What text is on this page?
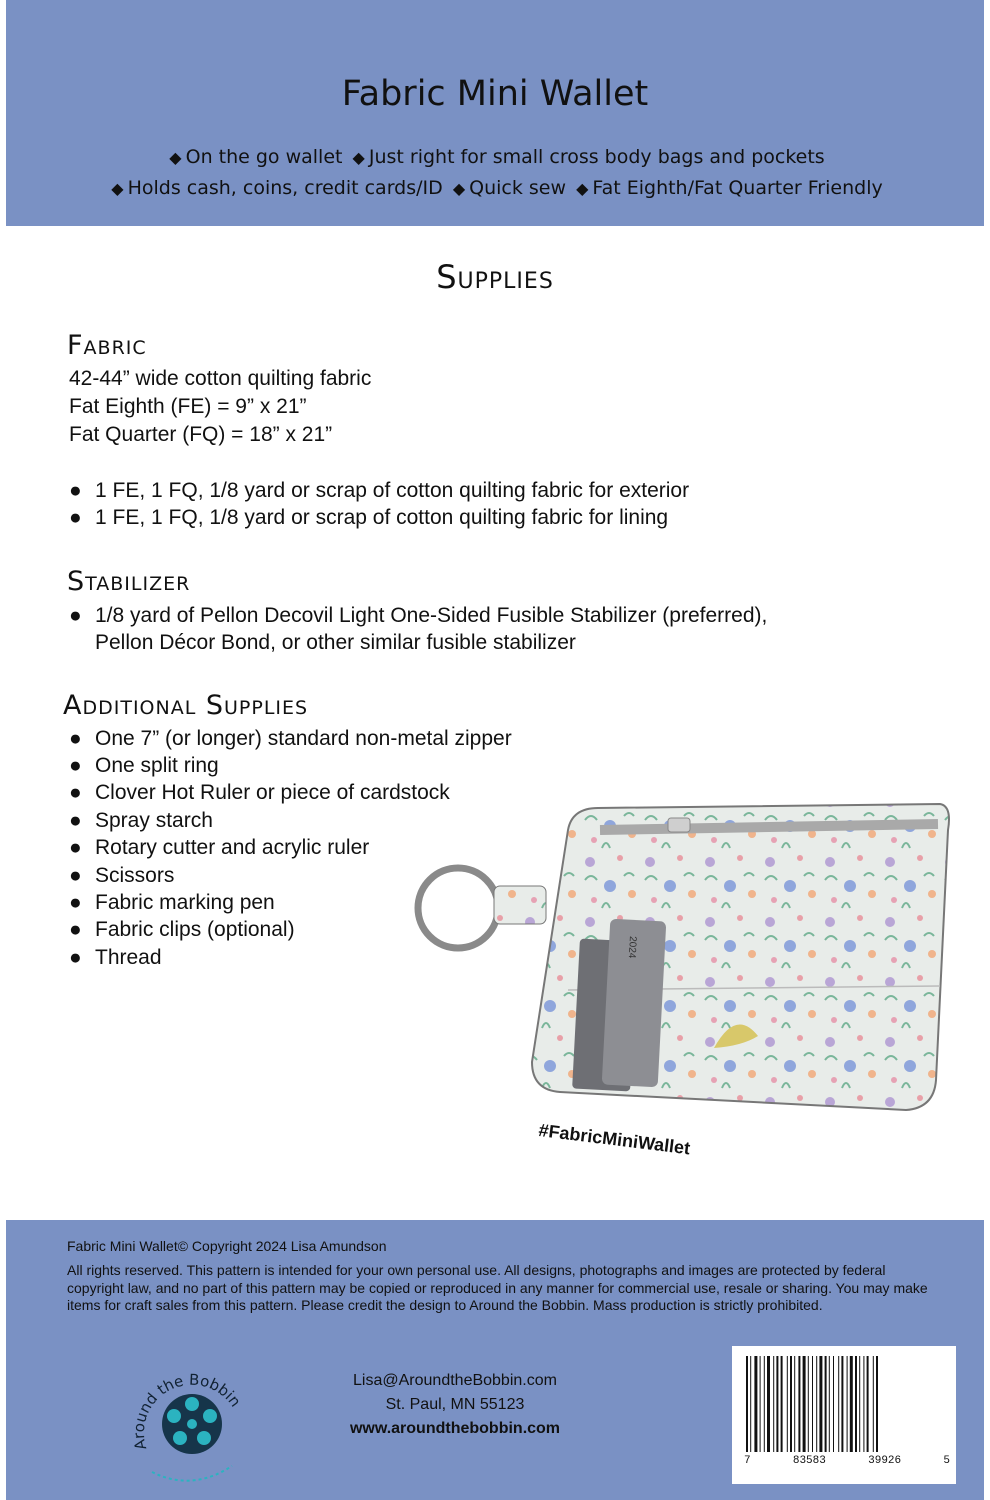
Fabric Mini Wallet
◆ On the go wallet ◆ Just right for small cross body bags and pockets
◆ Holds cash, coins, credit cards/ID ◆ Quick sew ◆ Fat Eighth/Fat Quarter Friendly
Supplies
Fabric
42-44” wide cotton quilting fabric
Fat Eighth (FE) = 9” x 21”
Fat Quarter (FQ) = 18” x 21”
● 1 FE, 1 FQ, 1/8 yard or scrap of cotton quilting fabric for exterior
● 1 FE, 1 FQ, 1/8 yard or scrap of cotton quilting fabric for lining
Stabilizer
● 1/8 yard of Pellon Decovil Light One-Sided Fusible Stabilizer (preferred),
Pellon Décor Bond, or other similar fusible stabilizer
Additional Supplies
● One 7” (or longer) standard non-metal zipper
● One split ring
● Clover Hot Ruler or piece of cardstock
● Spray starch
● Rotary cutter and acrylic ruler
● Scissors
● Fabric marking pen
● Fabric clips (optional)
● Thread	2024
#FabricMiniWallet
Fabric Mini Wallet© Copyright 2024 Lisa Amundson
All rights reserved. This pattern is intended for your own personal use. All designs, photographs and images are protected by federal copyright law, and no part of this pattern may be copied or reproduced in any manner for commercial use, resale or sharing. You may make items for craft sales from this pattern. Please credit the design to Around the Bobbin. Mass production is strictly prohibited.
Around the Bobbin
Lisa@AroundtheBobbin.com
St. Paul, MN 55123
www.aroundthebobbin.com
7	83583	39926	5
